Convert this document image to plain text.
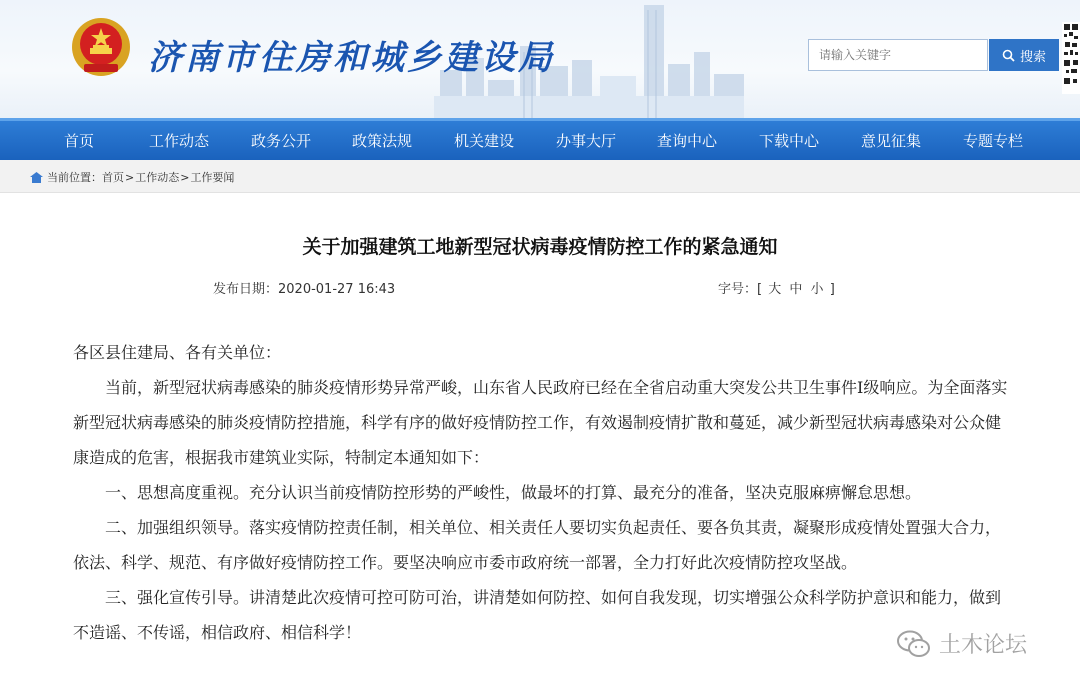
济南市住房和城乡建设局
请输入关键字	搜索
首页	工作动态	政务公开	政策法规	机关建设	办事大厅	查询中心	下载中心	意见征集	专题专栏
当前位置： 首页 > 工作动态 > 工作要闻
关于加强建筑工地新型冠状病毒疫情防控工作的紧急通知
发布日期：2020-01-27 16:43	字号：[ 大 中 小 ]

各区县住建局、各有关单位：

当前，新型冠状病毒感染的肺炎疫情形势异常严峻，山东省人民政府已经在全省启动重大突发公共卫生事件I级响应。为全面落实新型冠状病毒感染的肺炎疫情防控措施，科学有序的做好疫情防控工作，有效遏制疫情扩散和蔓延，减少新型冠状病毒感染对公众健康造成的危害，根据我市建筑业实际，特制定本通知如下：

一、思想高度重视。充分认识当前疫情防控形势的严峻性，做最坏的打算、最充分的准备，坚决克服麻痹懈怠思想。

二、加强组织领导。落实疫情防控责任制，相关单位、相关责任人要切实负起责任、要各负其责，凝聚形成疫情处置强大合力，依法、科学、规范、有序做好疫情防控工作。要坚决响应市委市政府统一部署，全力打好此次疫情防控攻坚战。

三、强化宣传引导。讲清楚此次疫情可控可防可治，讲清楚如何防控、如何自我发现，切实增强公众科学防护意识和能力，做到不造谣、不传谣，相信政府、相信科学！

土木论坛
